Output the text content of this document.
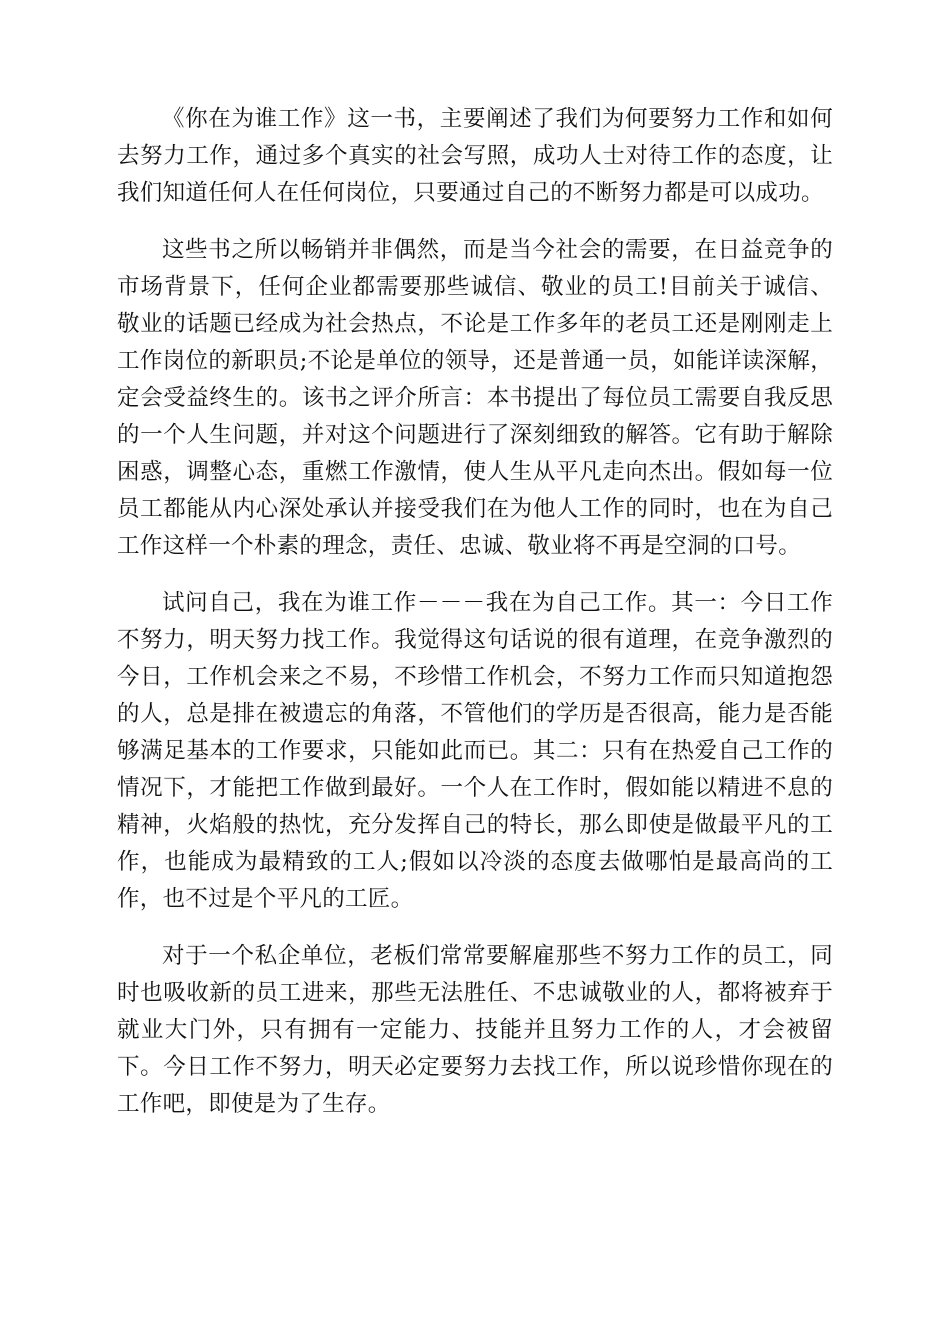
《你在为谁工作》这一书，主要阐述了我们为何要努力工作和如何去努力工作，通过多个真实的社会写照，成功人士对待工作的态度，让我们知道任何人在任何岗位，只要通过自己的不断努力都是可以成功。

这些书之所以畅销并非偶然，而是当今社会的需要，在日益竞争的市场背景下，任何企业都需要那些诚信、敬业的员工!目前关于诚信、敬业的话题已经成为社会热点，不论是工作多年的老员工还是刚刚走上工作岗位的新职员;不论是单位的领导，还是普通一员，如能详读深解，定会受益终生的。该书之评介所言：本书提出了每位员工需要自我反思的一个人生问题，并对这个问题进行了深刻细致的解答。它有助于解除困惑，调整心态，重燃工作激情，使人生从平凡走向杰出。假如每一位员工都能从内心深处承认并接受我们在为他人工作的同时，也在为自己工作这样一个朴素的理念，责任、忠诚、敬业将不再是空洞的口号。

试问自己，我在为谁工作－－－我在为自己工作。其一：今日工作不努力，明天努力找工作。我觉得这句话说的很有道理，在竞争激烈的今日，工作机会来之不易，不珍惜工作机会，不努力工作而只知道抱怨的人，总是排在被遗忘的角落，不管他们的学历是否很高，能力是否能够满足基本的工作要求，只能如此而已。其二：只有在热爱自己工作的情况下，才能把工作做到最好。一个人在工作时，假如能以精进不息的精神，火焰般的热忱，充分发挥自己的特长，那么即使是做最平凡的工作，也能成为最精致的工人;假如以冷淡的态度去做哪怕是最高尚的工作，也不过是个平凡的工匠。

对于一个私企单位，老板们常常要解雇那些不努力工作的员工，同时也吸收新的员工进来，那些无法胜任、不忠诚敬业的人，都将被弃于就业大门外，只有拥有一定能力、技能并且努力工作的人，才会被留下。今日工作不努力，明天必定要努力去找工作，所以说珍惜你现在的工作吧，即使是为了生存。
